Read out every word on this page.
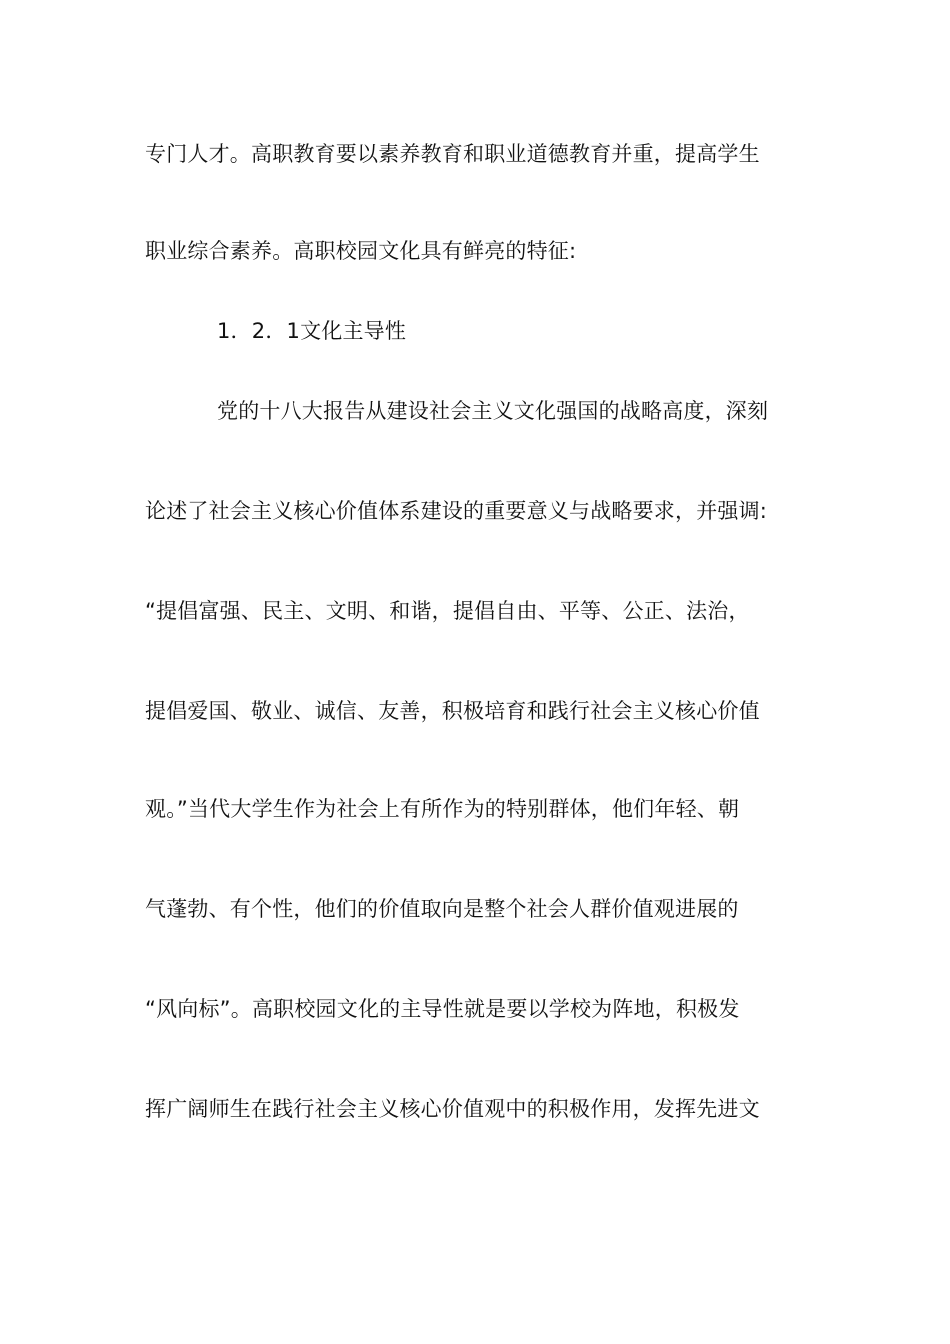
专门人才。高职教育要以素养教育和职业道德教育并重，提高学生
职业综合素养。高职校园文化具有鲜亮的特征:
1．2．1文化主导性
党的十八大报告从建设社会主义文化强国的战略高度，深刻
论述了社会主义核心价值体系建设的重要意义与战略要求，并强调:
“提倡富强、民主、文明、和谐，提倡自由、平等、公正、法治，
提倡爱国、敬业、诚信、友善，积极培育和践行社会主义核心价值
观。”当代大学生作为社会上有所作为的特别群体，他们年轻、朝
气蓬勃、有个性，他们的价值取向是整个社会人群价值观进展的
“风向标”。高职校园文化的主导性就是要以学校为阵地，积极发
挥广阔师生在践行社会主义核心价值观中的积极作用，发挥先进文
